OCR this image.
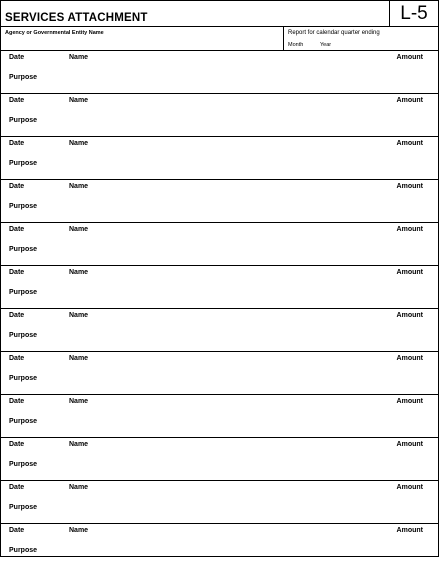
SERVICES ATTACHMENT	L-5
Agency or Governmental Entity Name	Report for calendar quarter ending
Month	Year
Date	Name	Amount
Purpose
Date	Name	Amount
Purpose
Date	Name	Amount
Purpose
Date	Name	Amount
Purpose
Date	Name	Amount
Purpose
Date	Name	Amount
Purpose
Date	Name	Amount
Purpose
Date	Name	Amount
Purpose
Date	Name	Amount
Purpose
Date	Name	Amount
Purpose
Date	Name	Amount
Purpose
Date	Name	Amount
Purpose
